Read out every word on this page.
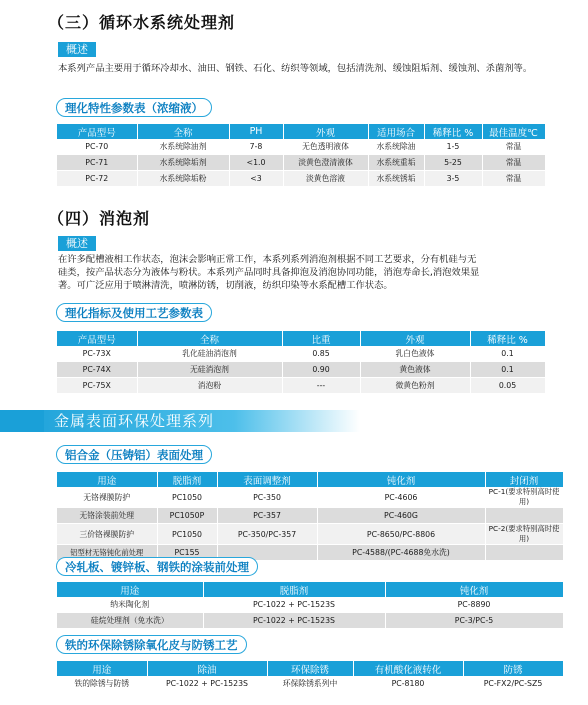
（三）循环水系统处理剂
概述
本系列产品主要用于循环冷却水、油田、钢铁、石化、纺织等领域，包括清洗剂、缓蚀阻垢剂、缓蚀剂、杀菌剂等。
理化特性参数表（浓缩液）
产品型号	全称	PH	外观	适用场合	稀释比 %	最佳温度℃
PC-70	水系统除油剂	7-8	无色透明液体	水系统除油	1-5	常温
PC-71	水系统除垢剂	<1.0	淡黄色澄清液体	水系统重垢	5-25	常温
PC-72	水系统除垢粉	<3	淡黄色溶液	水系统锈垢	3-5	常温
（四）消泡剂
概述
在许多配槽液相工作状态，泡沫会影响正常工作，本系列系列消泡剂根据不同工艺要求，分有机硅与无
硅类，按产品状态分为液体与粉状。本系列产品同时具备抑泡及消泡协同功能，消泡寿命长,消泡效果显
著。可广泛应用于喷淋清洗，喷淋防锈，切削液，纺织印染等水系配槽工作状态。
理化指标及使用工艺参数表
产品型号	全称	比重	外观	稀释比 %
PC-73X	乳化硅油消泡剂	0.85	乳白色液体	0.1
PC-74X	无硅消泡剂	0.90	黄色液体	0.1
PC-75X	消泡粉	---	微黄色粉剂	0.05
金属表面环保处理系列
铝合金（压铸铝）表面处理
用途	脱脂剂	表面调整剂	钝化剂	封闭剂
无铬裸膜防护	PC1050	PC-350	PC-4606	PC-1(要求特别高时使用)
无铬涂装前处理	PC1050P	PC-357	PC-460G	
三价铬裸膜防护	PC1050	PC-350/PC-357	PC-8650/PC-8806	PC-2(要求特别高时使用)
铝型材无铬钝化前处理	PC155		PC-4588/(PC-4688免水洗)	
冷轧板、镀锌板、钢铁的涂装前处理
用途	脱脂剂	钝化剂
纳米陶化剂	PC-1022 + PC-1523S	PC-8890
硅烷处理剂（免水洗）	PC-1022 + PC-1523S	PC-3/PC-5
铁的环保除锈除氧化皮与防锈工艺
用途	除油	环保除锈	有机酸化液转化	防锈
铁的除锈与防锈	PC-1022 + PC-1523S	环保除锈系列中	PC-8180	PC-FX2/PC-SZ5
